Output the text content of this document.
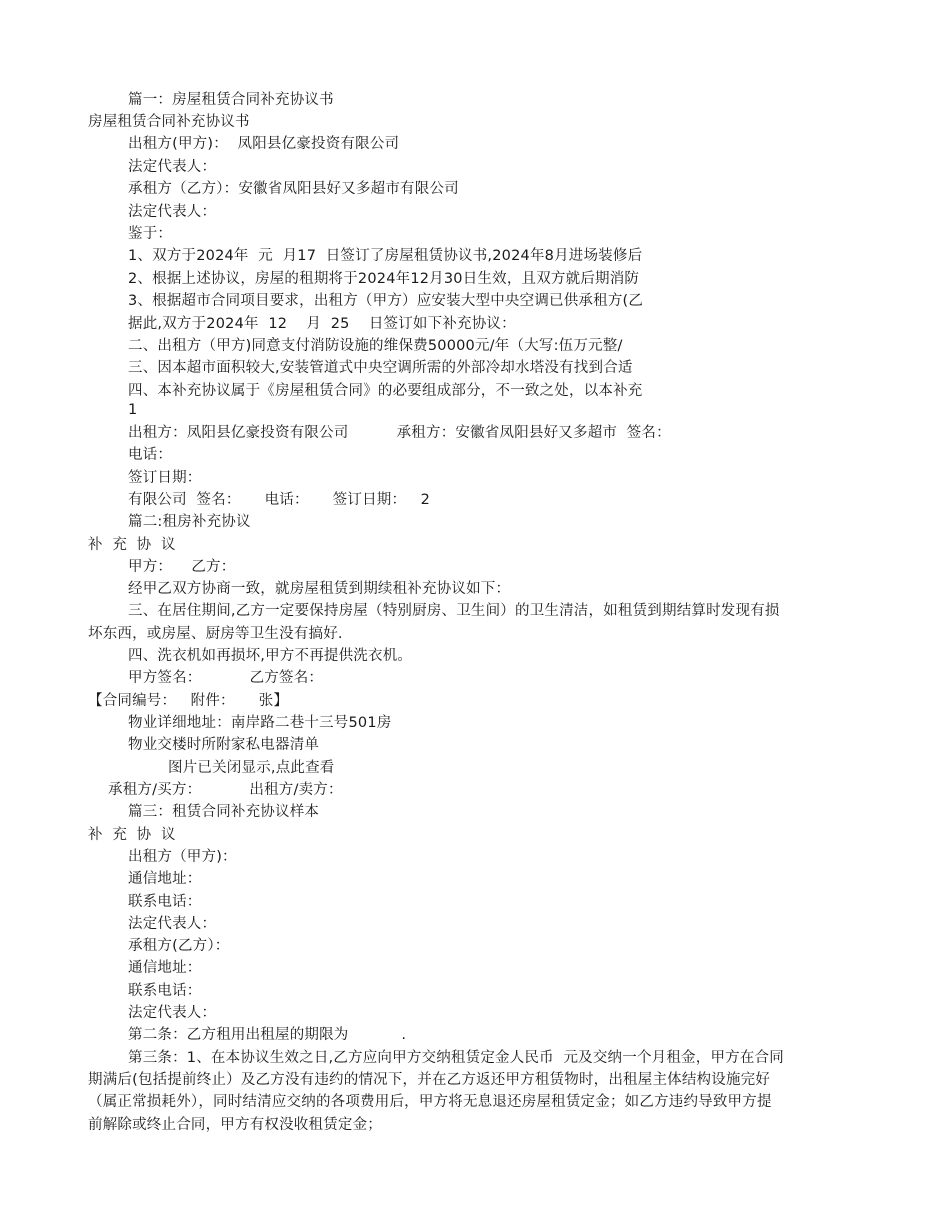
篇一：房屋租赁合同补充协议书
房屋租赁合同补充协议书
出租方(甲方)：  凤阳县亿豪投资有限公司
法定代表人：
承租方（乙方）：安徽省凤阳县好又多超市有限公司
法定代表人：
鉴于：
1、双方于2024年  元  月17  日签订了房屋租赁协议书,2024年8月进场装修后
2、根据上述协议，房屋的租期将于2024年12月30日生效，且双方就后期消防
3、根据超市合同项目要求，出租方（甲方）应安装大型中央空调已供承租方(乙
据此,双方于2024年  12    月  25    日签订如下补充协议：
二、出租方（甲方)同意支付消防设施的维保费50000元/年（大写:伍万元整/
三、因本超市面积较大,安装管道式中央空调所需的外部冷却水塔没有找到合适
四、本补充协议属于《房屋租赁合同》的必要组成部分，不一致之处，以本补充
1
出租方：凤阳县亿豪投资有限公司          承租方：安徽省凤阳县好又多超市  签名：
电话：
签订日期：
有限公司  签名：     电话：     签订日期：   2
篇二:租房补充协议
补  充  协  议
甲方：    乙方：
经甲乙双方协商一致，就房屋租赁到期续租补充协议如下：
三、在居住期间,乙方一定要保持房屋（特别厨房、卫生间）的卫生清洁，如租赁到期结算时发现有损
坏东西，或房屋、厨房等卫生没有搞好.
四、洗衣机如再损坏,甲方不再提供洗衣机。
甲方签名：          乙方签名：
【合同编号：   附件：     张】
物业详细地址：南岸路二巷十三号501房
物业交楼时所附家私电器清单
图片已关闭显示,点此查看
承租方/买方：          出租方/卖方：
篇三：租赁合同补充协议样本
补  充  协  议
出租方（甲方)：
通信地址：
联系电话：
法定代表人：
承租方(乙方）：
通信地址：
联系电话：
法定代表人：
第二条：乙方租用出租屋的期限为           .
第三条：1、在本协议生效之日,乙方应向甲方交纳租赁定金人民币  元及交纳一个月租金，甲方在合同
期满后(包括提前终止）及乙方没有违约的情况下，并在乙方返还甲方租赁物时，出租屋主体结构设施完好
（属正常损耗外），同时结清应交纳的各项费用后，甲方将无息退还房屋租赁定金；如乙方违约导致甲方提
前解除或终止合同，甲方有权没收租赁定金；
